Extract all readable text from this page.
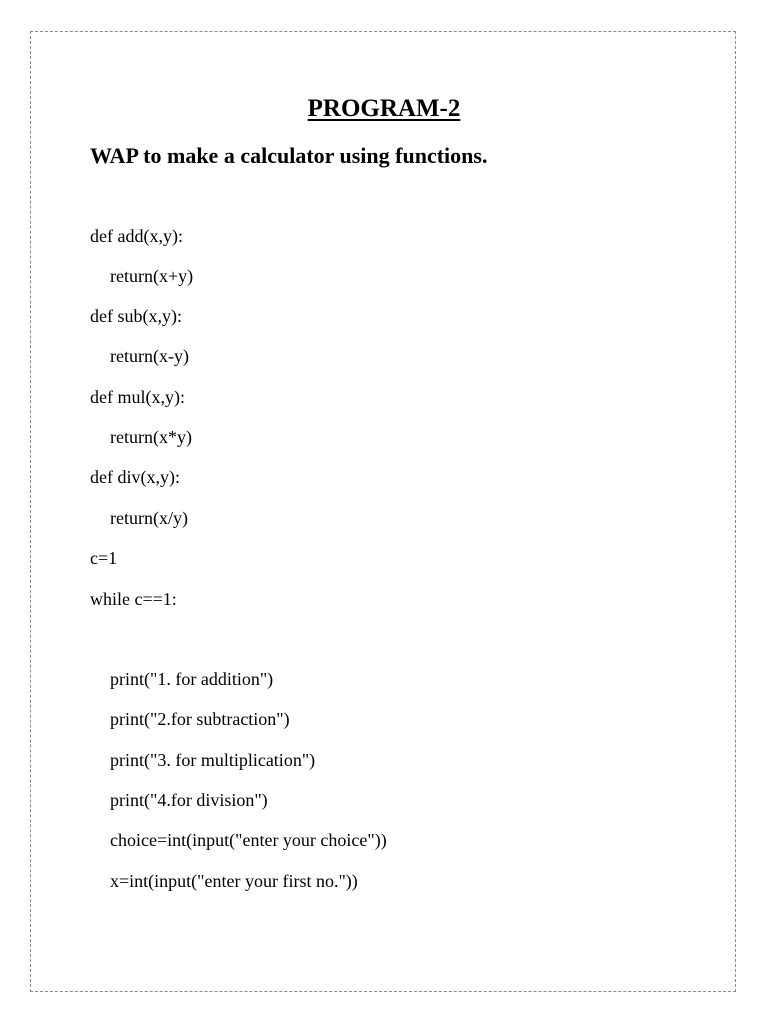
PROGRAM-2
WAP to make a calculator using functions.
def add(x,y):
return(x+y)
def sub(x,y):
return(x-y)
def mul(x,y):
return(x*y)
def div(x,y):
return(x/y)
c=1
while c==1:
print("1. for addition")
print("2.for subtraction")
print("3. for multiplication")
print("4.for division")
choice=int(input("enter your choice"))
x=int(input("enter your first no."))
